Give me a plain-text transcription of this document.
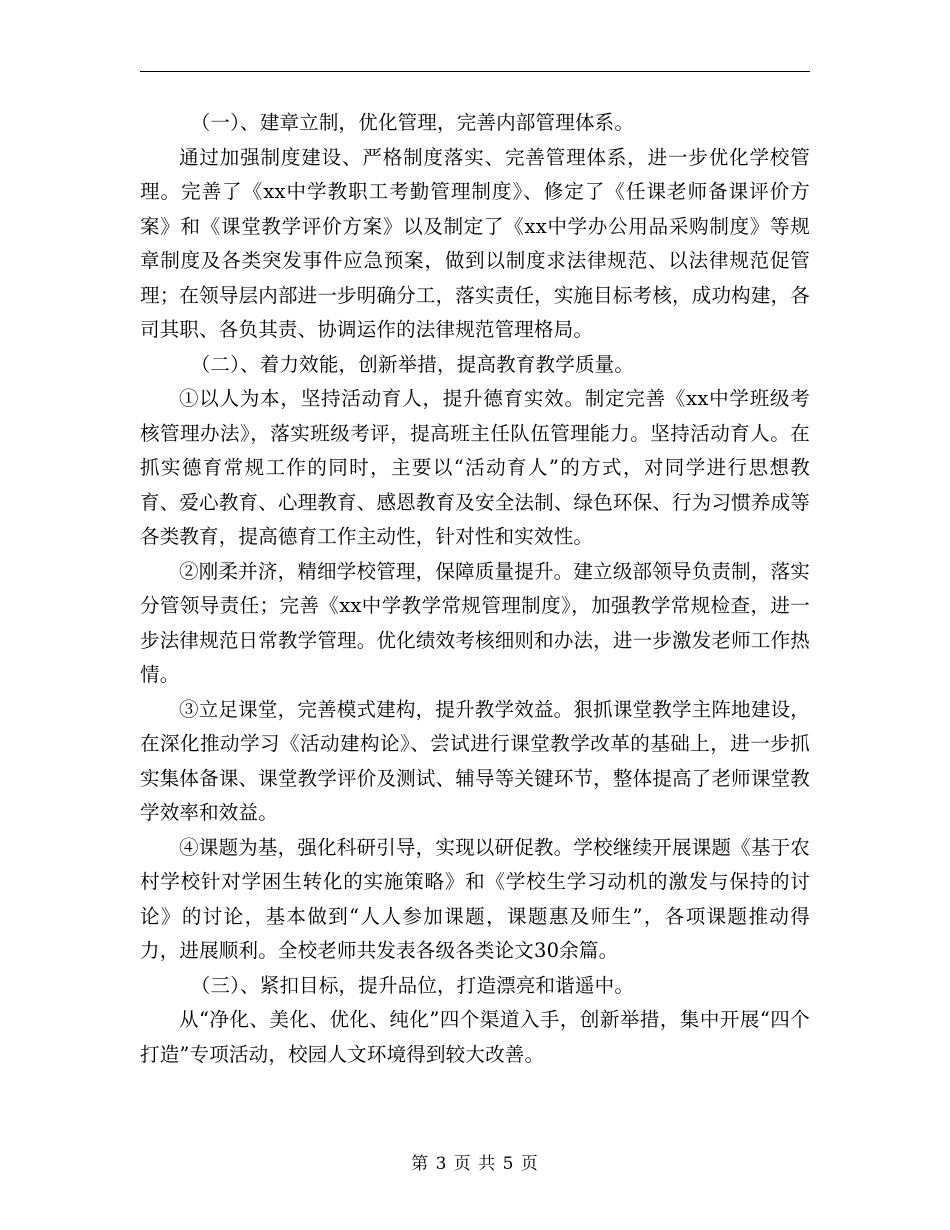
（一）、建章立制，优化管理，完善内部管理体系。

通过加强制度建设、严格制度落实、完善管理体系，进一步优化学校管理。完善了《xx中学教职工考勤管理制度》、修定了《任课老师备课评价方案》和《课堂教学评价方案》以及制定了《xx中学办公用品采购制度》等规章制度及各类突发事件应急预案，做到以制度求法律规范、以法律规范促管理；在领导层内部进一步明确分工，落实责任，实施目标考核，成功构建，各司其职、各负其责、协调运作的法律规范管理格局。

（二）、着力效能，创新举措，提高教育教学质量。

①以人为本，坚持活动育人，提升德育实效。制定完善《xx中学班级考核管理办法》，落实班级考评，提高班主任队伍管理能力。坚持活动育人。在抓实德育常规工作的同时，主要以“活动育人”的方式，对同学进行思想教育、爱心教育、心理教育、感恩教育及安全法制、绿色环保、行为习惯养成等各类教育，提高德育工作主动性，针对性和实效性。

②刚柔并济，精细学校管理，保障质量提升。建立级部领导负责制，落实分管领导责任；完善《xx中学教学常规管理制度》，加强教学常规检查，进一步法律规范日常教学管理。优化绩效考核细则和办法，进一步激发老师工作热情。

③立足课堂，完善模式建构，提升教学效益。狠抓课堂教学主阵地建设，在深化推动学习《活动建构论》、尝试进行课堂教学改革的基础上，进一步抓实集体备课、课堂教学评价及测试、辅导等关键环节，整体提高了老师课堂教学效率和效益。

④课题为基，强化科研引导，实现以研促教。学校继续开展课题《基于农村学校针对学困生转化的实施策略》和《学校生学习动机的激发与保持的讨论》的讨论，基本做到“人人参加课题，课题惠及师生”，各项课题推动得力，进展顺利。全校老师共发表各级各类论文30余篇。

（三）、紧扣目标，提升品位，打造漂亮和谐遥中。

从“净化、美化、优化、纯化”四个渠道入手，创新举措，集中开展“四个打造”专项活动，校园人文环境得到较大改善。

第 3 页 共 5 页
